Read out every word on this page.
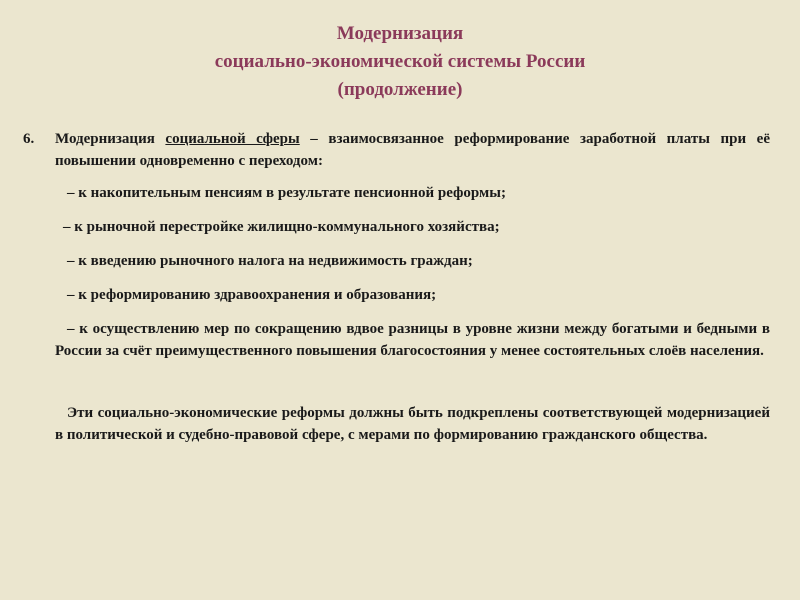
Модернизация
социально-экономической системы России
(продолжение)
6. Модернизация социальной сферы – взаимосвязанное реформирование заработной платы при её повышении одновременно с переходом:

– к накопительным пенсиям в результате пенсионной реформы;

– к рыночной перестройке жилищно-коммунального хозяйства;

– к введению рыночного налога на недвижимость граждан;

– к реформированию здравоохранения и образования;

– к осуществлению мер по сокращению вдвое разницы в уровне жизни между богатыми и бедными в России за счёт преимущественного повышения благосостояния у менее состоятельных слоёв населения.

Эти социально-экономические реформы должны быть подкреплены соответствующей модернизацией в политической и судебно-правовой сфере, с мерами по формированию гражданского общества.
